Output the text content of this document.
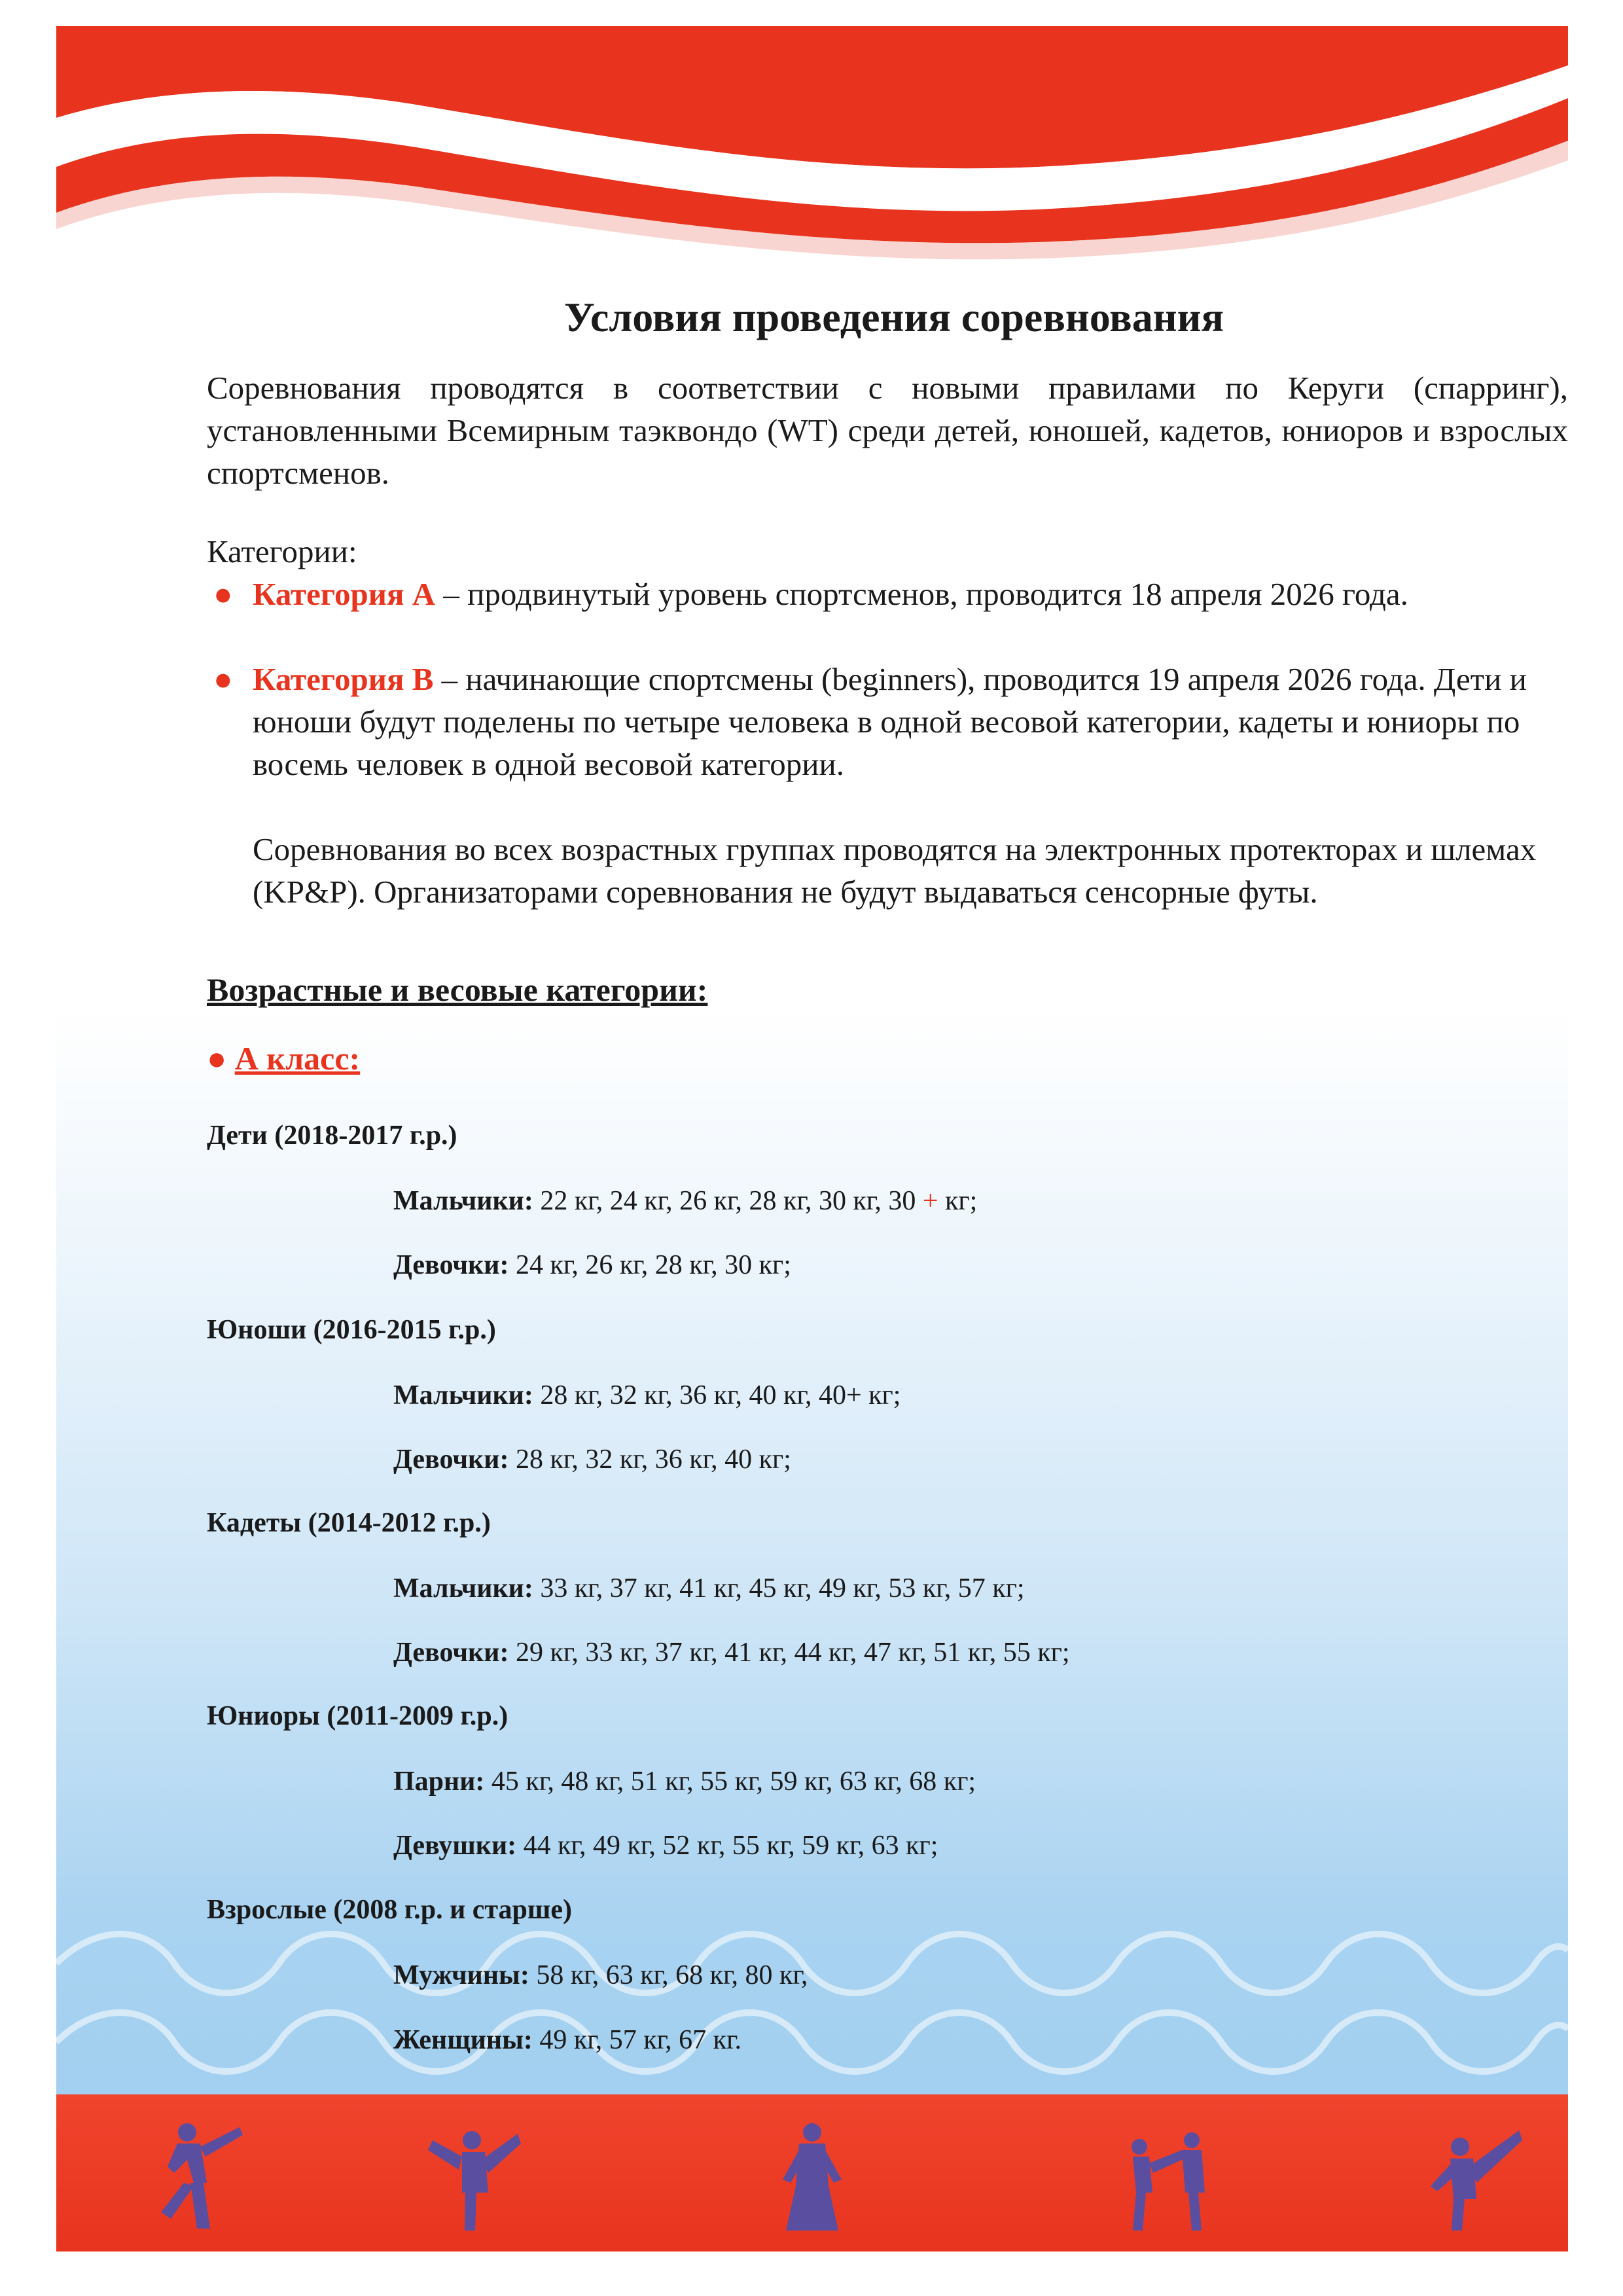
Условия проведения соревнования

Соревнования проводятся в соответствии с новыми правилами по Керуги (спарринг), установленными Всемирным таэквондо (WT) среди детей, юношей, кадетов, юниоров и взрослых спортсменов.

Категории:

● Категория А – продвинутый уровень спортсменов, проводится 18 апреля 2026 года.

● Категория В – начинающие спортсмены (beginners), проводится 19 апреля 2026 года. Дети и юноши будут поделены по четыре человека в одной весовой категории, кадеты и юниоры по восемь человек в одной весовой категории.

Соревнования во всех возрастных группах проводятся на электронных протекторах и шлемах (KP&P). Организаторами соревнования не будут выдаваться сенсорные футы.

Возрастные и весовые категории:
● А класс:

Дети (2018-2017 г.р.)

Мальчики: 22 кг, 24 кг, 26 кг, 28 кг, 30 кг, 30 + кг;

Девочки: 24 кг, 26 кг, 28 кг, 30 кг;

Юноши (2016-2015 г.р.)

Мальчики: 28 кг, 32 кг, 36 кг, 40 кг, 40+ кг;

Девочки: 28 кг, 32 кг, 36 кг, 40 кг;

Кадеты (2014-2012 г.р.)

Мальчики: 33 кг, 37 кг, 41 кг, 45 кг, 49 кг, 53 кг, 57 кг;

Девочки: 29 кг, 33 кг, 37 кг, 41 кг, 44 кг, 47 кг, 51 кг, 55 кг;

Юниоры (2011-2009 г.р.)

Парни: 45 кг, 48 кг, 51 кг, 55 кг, 59 кг, 63 кг, 68 кг;

Девушки: 44 кг, 49 кг, 52 кг, 55 кг, 59 кг, 63 кг;

Взрослые (2008 г.р. и старше)

Мужчины: 58 кг, 63 кг, 68 кг, 80 кг,

Женщины: 49 кг, 57 кг, 67 кг.
